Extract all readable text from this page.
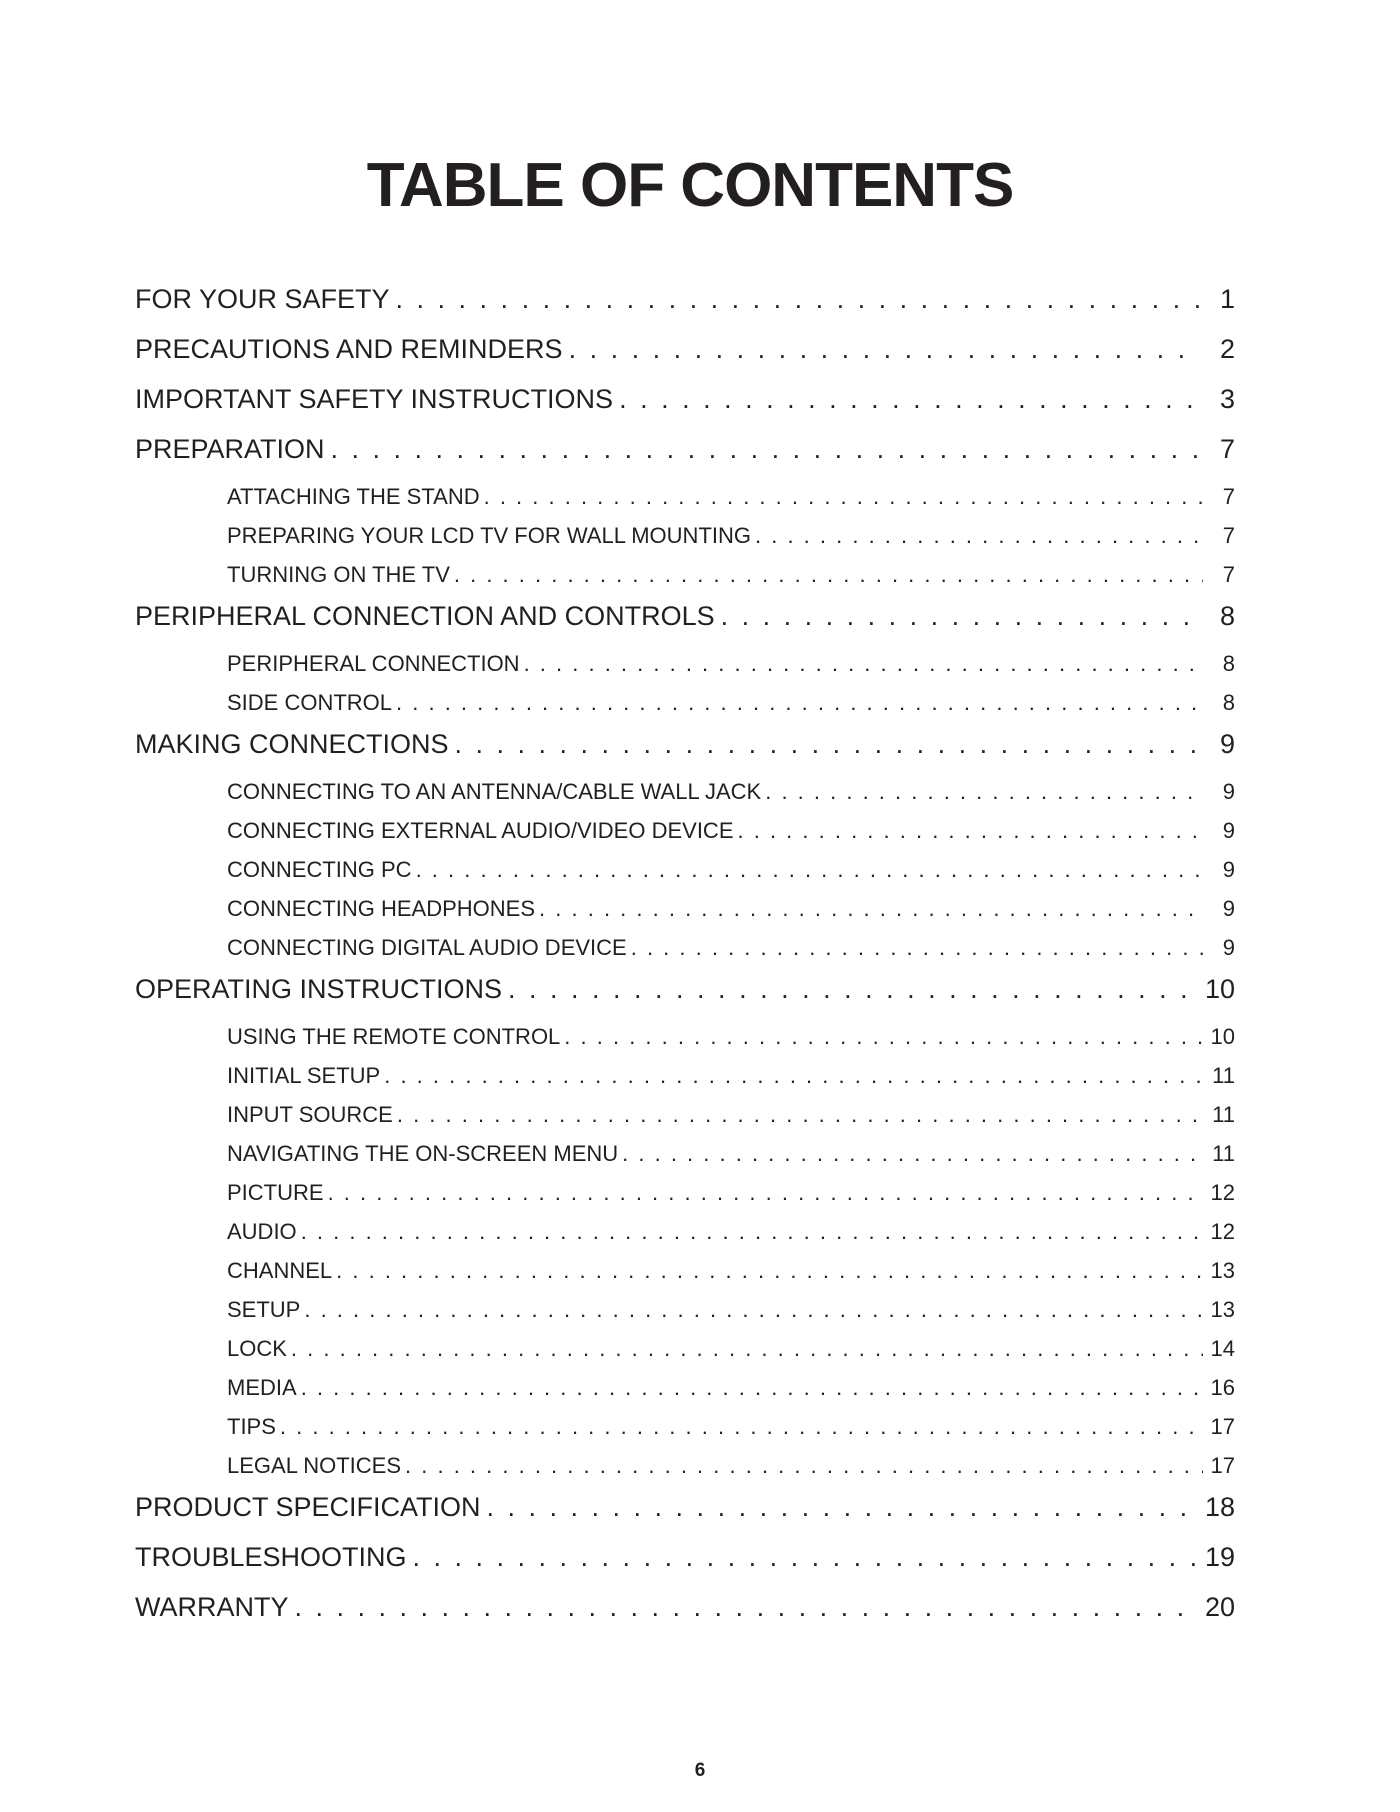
TABLE OF CONTENTS
FOR YOUR SAFETY . . .	1
PRECAUTIONS AND REMINDERS . . .	2
IMPORTANT SAFETY INSTRUCTIONS . . .	3
PREPARATION . . .	7
ATTACHING THE STAND . . .	7
PREPARING YOUR LCD TV FOR WALL MOUNTING . . .	7
TURNING ON THE TV . . .	7
PERIPHERAL CONNECTION AND CONTROLS . . .	8
PERIPHERAL CONNECTION . . .	8
SIDE CONTROL . . .	8
MAKING CONNECTIONS . . .	9
CONNECTING TO AN ANTENNA/CABLE WALL JACK . . .	9
CONNECTING EXTERNAL AUDIO/VIDEO DEVICE . . .	9
CONNECTING PC . . .	9
CONNECTING HEADPHONES . . .	9
CONNECTING DIGITAL AUDIO DEVICE . . .	9
OPERATING INSTRUCTIONS . . .	10
USING THE REMOTE CONTROL . . .	10
INITIAL SETUP . . .	11
INPUT SOURCE . . .	11
NAVIGATING THE ON-SCREEN MENU . . .	11
PICTURE . . .	12
AUDIO . . .	12
CHANNEL . . .	13
SETUP . . .	13
LOCK . . .	14
MEDIA . . .	16
TIPS . . .	17
LEGAL NOTICES . . .	17
PRODUCT SPECIFICATION . . .	18
TROUBLESHOOTING . . .	19
WARRANTY . . .	20
6
